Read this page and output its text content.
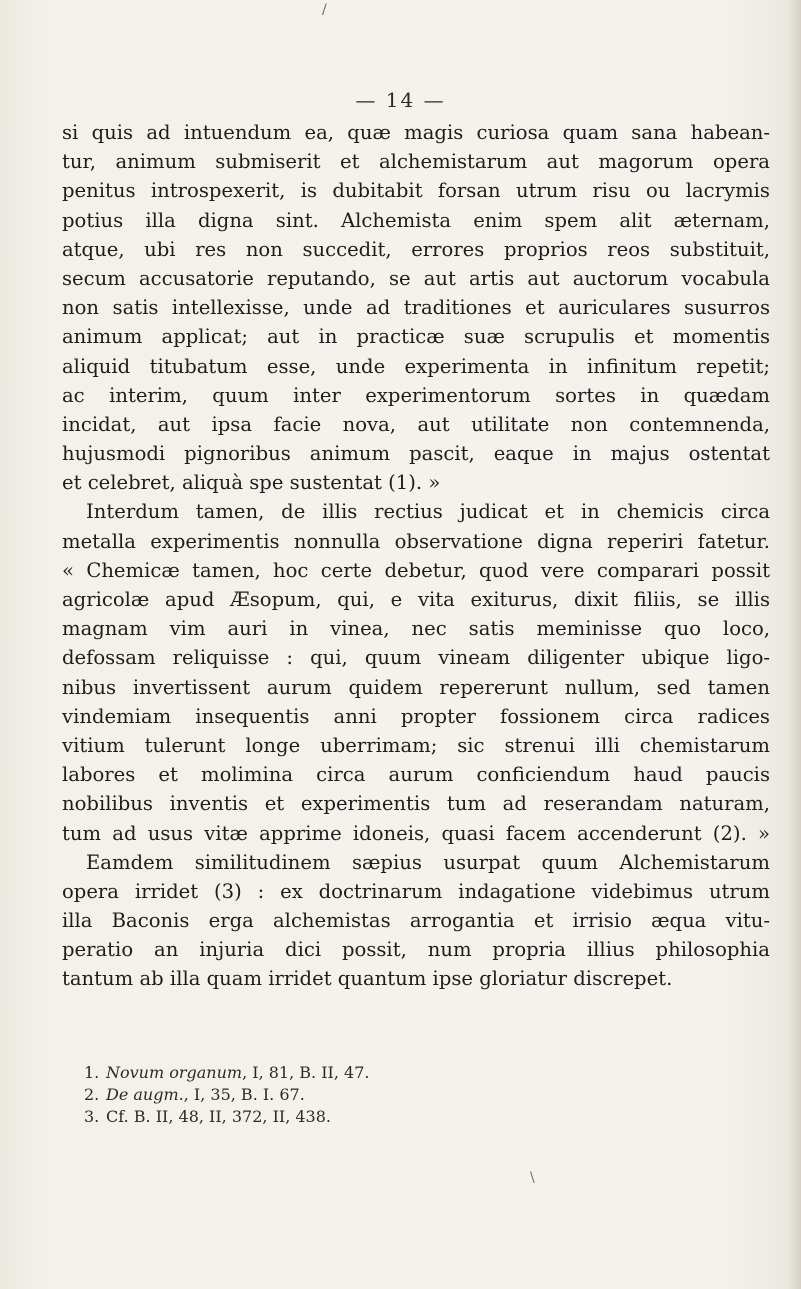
/
— 14 —
si quis ad intuendum ea, quæ magis curiosa quam sana habean-
tur, animum submiserit et alchemistarum aut magorum opera
penitus introspexerit, is dubitabit forsan utrum risu ou lacrymis
potius illa digna sint. Alchemista enim spem alit æternam,
atque, ubi res non succedit, errores proprios reos substituit,
secum accusatorie reputando, se aut artis aut auctorum vocabula
non satis intellexisse, unde ad traditiones et auriculares susurros
animum applicat; aut in practicæ suæ scrupulis et momentis
aliquid titubatum esse, unde experimenta in infinitum repetit;
ac interim, quum inter experimentorum sortes in quædam
incidat, aut ipsa facie nova, aut utilitate non contemnenda,
hujusmodi pignoribus animum pascit, eaque in majus ostentat
et celebret, aliquà spe sustentat (1). »
Interdum tamen, de illis rectius judicat et in chemicis circa
metalla experimentis nonnulla observatione digna reperiri fatetur.
« Chemicæ tamen, hoc certe debetur, quod vere comparari possit
agricolæ apud Æsopum, qui, e vita exiturus, dixit filiis, se illis
magnam vim auri in vinea, nec satis meminisse quo loco,
defossam reliquisse : qui, quum vineam diligenter ubique ligo-
nibus invertissent aurum quidem repererunt nullum, sed tamen
vindemiam insequentis anni propter fossionem circa radices
vitium tulerunt longe uberrimam; sic strenui illi chemistarum
labores et molimina circa aurum conficiendum haud paucis
nobilibus inventis et experimentis tum ad reserandam naturam,
tum ad usus vitæ apprime idoneis, quasi facem accenderunt (2). »
Eamdem similitudinem sæpius usurpat quum Alchemistarum
opera irridet (3) : ex doctrinarum indagatione videbimus utrum
illa Baconis erga alchemistas arrogantia et irrisio æqua vitu-
peratio an injuria dici possit, num propria illius philosophia
tantum ab illa quam irridet quantum ipse gloriatur discrepet.
1. Novum organum, I, 81, B. II, 47.
2. De augm., I, 35, B. I. 67.
3. Cf. B. II, 48, II, 372, II, 438.
\
